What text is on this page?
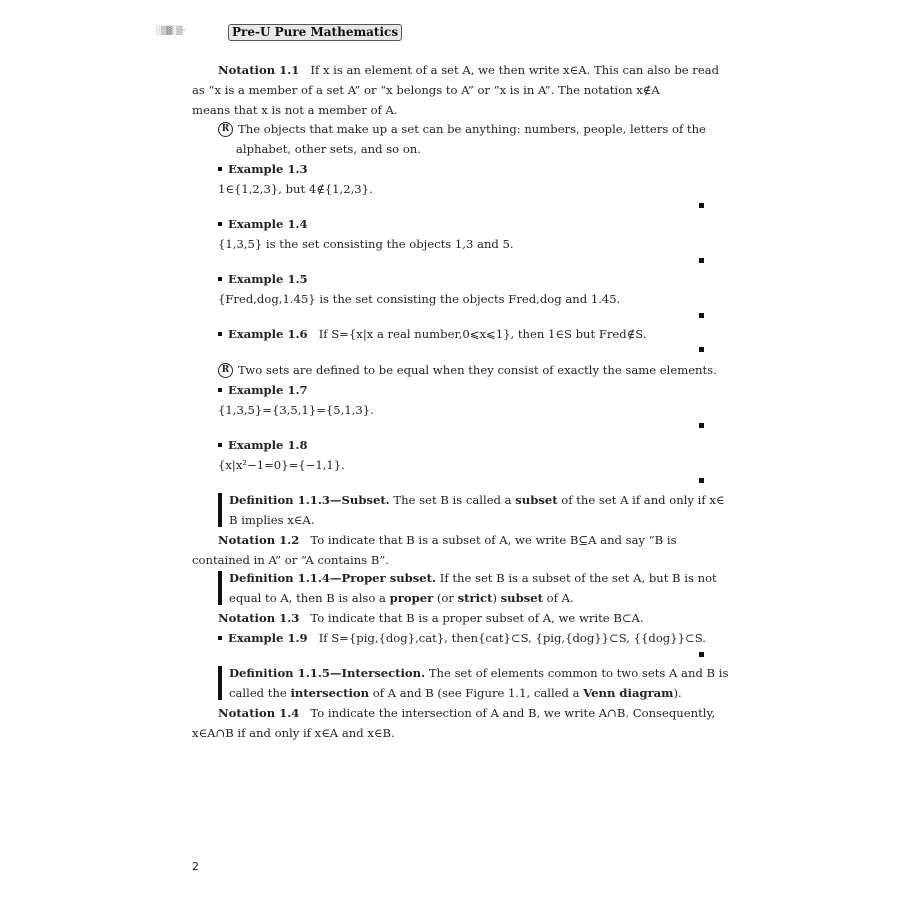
░▒▓░▒··	Pre-U Pure Mathematics
Notation 1.1 If x is an element of a set A, we then write x∈A. This can also be read
as “x is a member of a set A” or “x belongs to A” or “x is in A”. The notation x∉A
means that x is not a member of A.
R The objects that make up a set can be anything: numbers, people, letters of the
alphabet, other sets, and so on.
Example 1.3
1∈{1,2,3}, but 4∉{1,2,3}.
Example 1.4
{1,3,5} is the set consisting the objects 1,3 and 5.
Example 1.5
{Fred,dog,1.45} is the set consisting the objects Fred,dog and 1.45.
Example 1.6 If S={x|x a real number,0⩽x⩽1}, then 1∈S but Fred∉S.
R Two sets are defined to be equal when they consist of exactly the same elements.
Example 1.7
{1,3,5}={3,5,1}={5,1,3}.
Example 1.8
{x|x²−1=0}={−1,1}.
Definition 1.1.3—Subset. The set B is called a subset of the set A if and only if x∈
B implies x∈A.
Notation 1.2 To indicate that B is a subset of A, we write B⊆A and say “B is
contained in A” or “A contains B”.
Definition 1.1.4—Proper subset. If the set B is a subset of the set A, but B is not
equal to A, then B is also a proper (or strict) subset of A.
Notation 1.3 To indicate that B is a proper subset of A, we write B⊂A.
Example 1.9 If S={pig,{dog},cat}, then{cat}⊂S, {pig,{dog}}⊂S, {{dog}}⊂S.
Definition 1.1.5—Intersection. The set of elements common to two sets A and B is
called the intersection of A and B (see Figure 1.1, called a Venn diagram).
Notation 1.4 To indicate the intersection of A and B, we write A∩B. Consequently,
x∈A∩B if and only if x∈A and x∈B.
2
